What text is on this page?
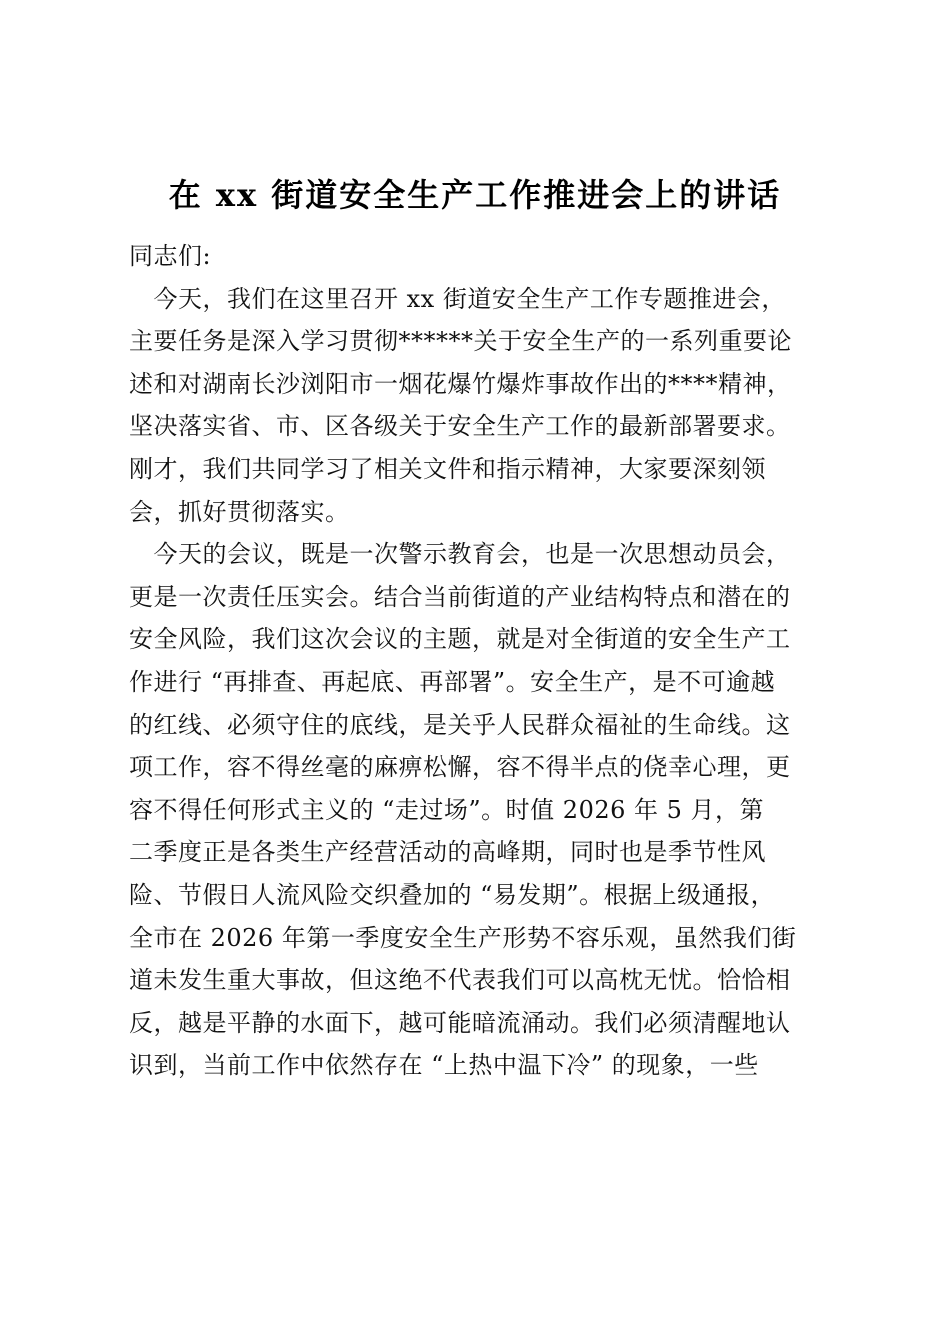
在 xx 街道安全生产工作推进会上的讲话
同志们:
　今天，我们在这里召开 xx 街道安全生产工作专题推进会，
主要任务是深入学习贯彻******关于安全生产的一系列重要论
述和对湖南长沙浏阳市一烟花爆竹爆炸事故作出的****精神，
坚决落实省、市、区各级关于安全生产工作的最新部署要求。
刚才，我们共同学习了相关文件和指示精神，大家要深刻领
会，抓好贯彻落实。
　今天的会议，既是一次警示教育会，也是一次思想动员会，
更是一次责任压实会。结合当前街道的产业结构特点和潜在的
安全风险，我们这次会议的主题，就是对全街道的安全生产工
作进行 “再排查、再起底、再部署”。安全生产，是不可逾越
的红线、必须守住的底线，是关乎人民群众福祉的生命线。这
项工作，容不得丝毫的麻痹松懈，容不得半点的侥幸心理，更
容不得任何形式主义的 “走过场”。时值 2026 年 5 月，第
二季度正是各类生产经营活动的高峰期，同时也是季节性风
险、节假日人流风险交织叠加的 “易发期”。根据上级通报，
全市在 2026 年第一季度安全生产形势不容乐观，虽然我们街
道未发生重大事故，但这绝不代表我们可以高枕无忧。恰恰相
反，越是平静的水面下，越可能暗流涌动。我们必须清醒地认
识到，当前工作中依然存在 “上热中温下冷” 的现象，一些
